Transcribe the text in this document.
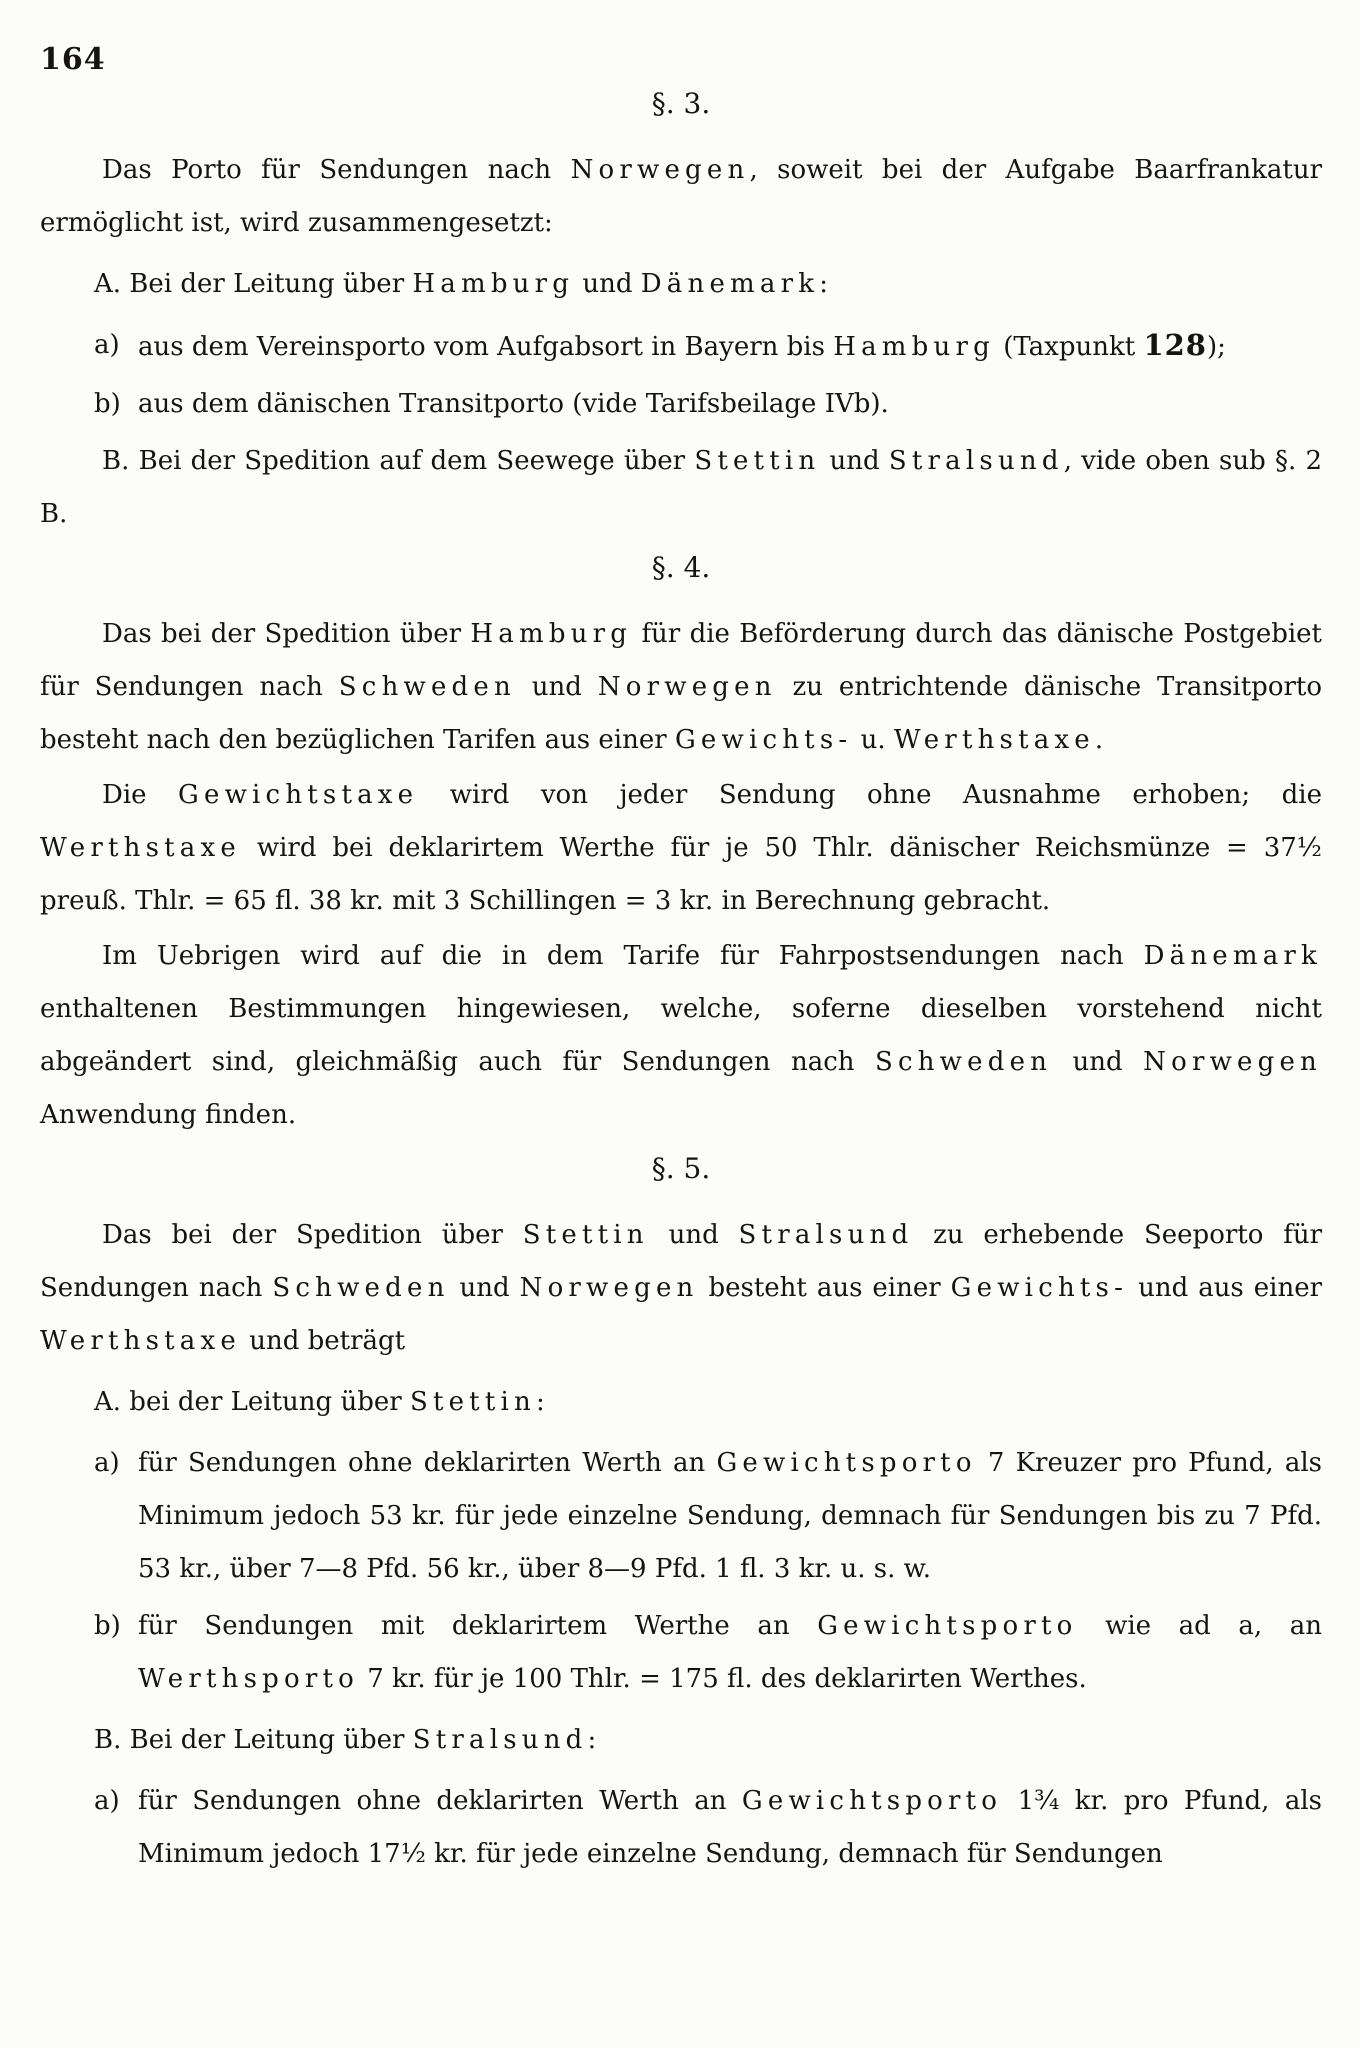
164
§. 3.

Das Porto für Sendungen nach Norwegen, soweit bei der Aufgabe Baarfrankatur ermöglicht ist, wird zusammengesetzt:

A. Bei der Leitung über Hamburg und Dänemark:

a) aus dem Vereinsporto vom Aufgabsort in Bayern bis Hamburg (Taxpunkt 128);
b) aus dem dänischen Transitporto (vide Tarifsbeilage IVb).

B. Bei der Spedition auf dem Seewege über Stettin und Stralsund, vide oben sub §. 2 B.

§. 4.

Das bei der Spedition über Hamburg für die Beförderung durch das dänische Postgebiet für Sendungen nach Schweden und Norwegen zu entrichtende dänische Transitporto besteht nach den bezüglichen Tarifen aus einer Gewichts- u. Werthstaxe.

Die Gewichtstaxe wird von jeder Sendung ohne Ausnahme erhoben; die Werthstaxe wird bei deklarirtem Werthe für je 50 Thlr. dänischer Reichsmünze = 37½ preuß. Thlr. = 65 fl. 38 kr. mit 3 Schillingen = 3 kr. in Berechnung gebracht.

Im Uebrigen wird auf die in dem Tarife für Fahrpostsendungen nach Dänemark enthaltenen Bestimmungen hingewiesen, welche, soferne dieselben vorstehend nicht abgeändert sind, gleichmäßig auch für Sendungen nach Schweden und Norwegen Anwendung finden.

§. 5.

Das bei der Spedition über Stettin und Stralsund zu erhebende Seeporto für Sendungen nach Schweden und Norwegen besteht aus einer Gewichts- und aus einer Werthstaxe und beträgt

A. bei der Leitung über Stettin:

a) für Sendungen ohne deklarirten Werth an Gewichtsporto 7 Kreuzer pro Pfund, als Minimum jedoch 53 kr. für jede einzelne Sendung, demnach für Sendungen bis zu 7 Pfd. 53 kr., über 7—8 Pfd. 56 kr., über 8—9 Pfd. 1 fl. 3 kr. u. s. w.
b) für Sendungen mit deklarirtem Werthe an Gewichtsporto wie ad a, an Werthsporto 7 kr. für je 100 Thlr. = 175 fl. des deklarirten Werthes.

B. Bei der Leitung über Stralsund:

a) für Sendungen ohne deklarirten Werth an Gewichtsporto 1¾ kr. pro Pfund, als Minimum jedoch 17½ kr. für jede einzelne Sendung, demnach für Sendungen
